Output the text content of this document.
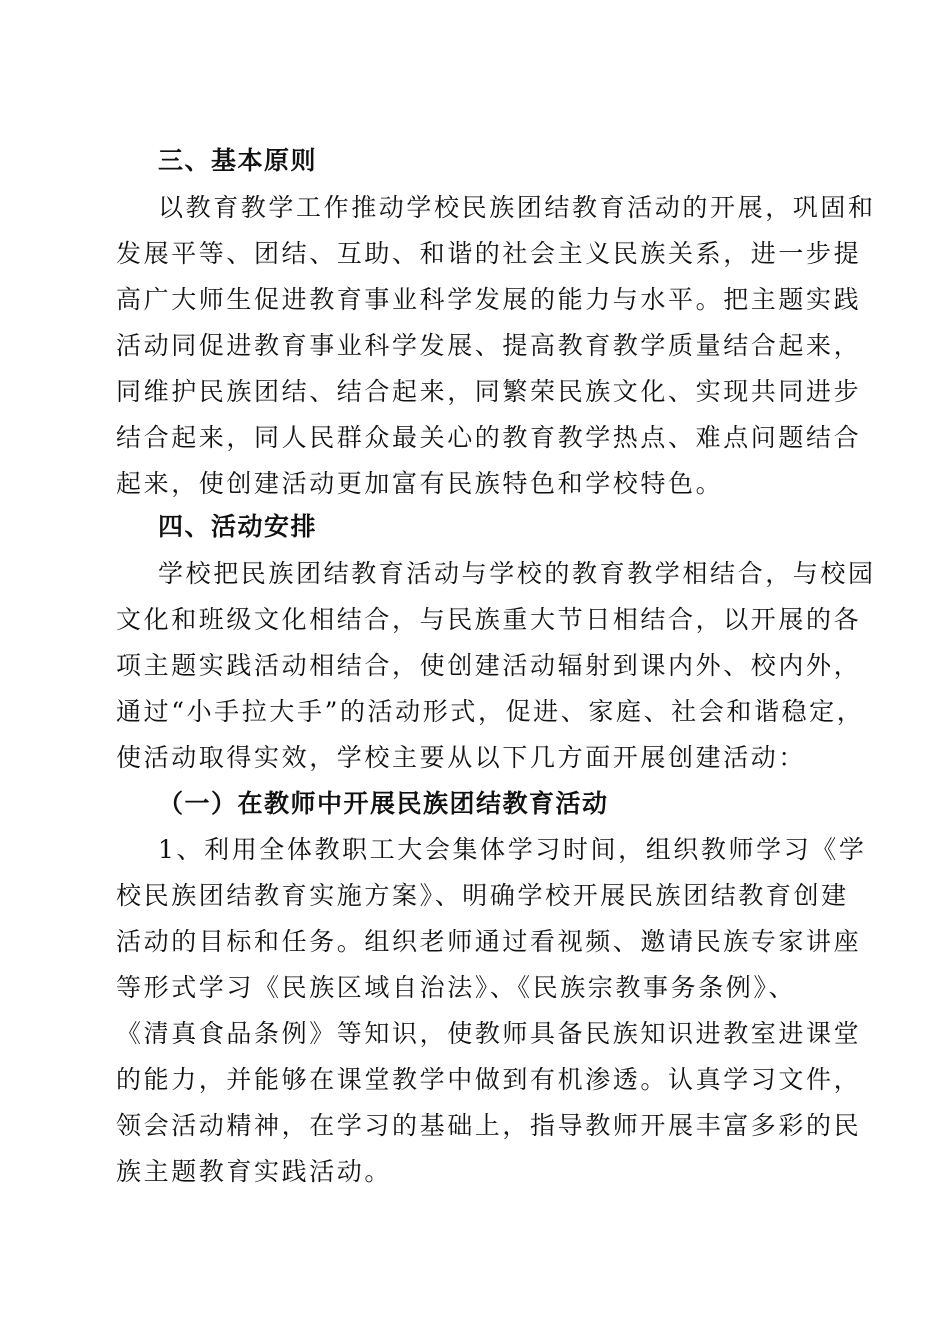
三、基本原则
以教育教学工作推动学校民族团结教育活动的开展，巩固和
发展平等、团结、互助、和谐的社会主义民族关系，进一步提
高广大师生促进教育事业科学发展的能力与水平。把主题实践
活动同促进教育事业科学发展、提高教育教学质量结合起来，
同维护民族团结、结合起来，同繁荣民族文化、实现共同进步
结合起来，同人民群众最关心的教育教学热点、难点问题结合
起来，使创建活动更加富有民族特色和学校特色。
四、活动安排
学校把民族团结教育活动与学校的教育教学相结合，与校园
文化和班级文化相结合，与民族重大节日相结合，以开展的各
项主题实践活动相结合，使创建活动辐射到课内外、校内外，
通过“小手拉大手”的活动形式，促进、家庭、社会和谐稳定，
使活动取得实效，学校主要从以下几方面开展创建活动：
（一）在教师中开展民族团结教育活动
1、利用全体教职工大会集体学习时间，组织教师学习《学
校民族团结教育实施方案》、明确学校开展民族团结教育创建
活动的目标和任务。组织老师通过看视频、邀请民族专家讲座
等形式学习《民族区域自治法》、《民族宗教事务条例》、
《清真食品条例》等知识，使教师具备民族知识进教室进课堂
的能力，并能够在课堂教学中做到有机渗透。认真学习文件，
领会活动精神，在学习的基础上，指导教师开展丰富多彩的民
族主题教育实践活动。
